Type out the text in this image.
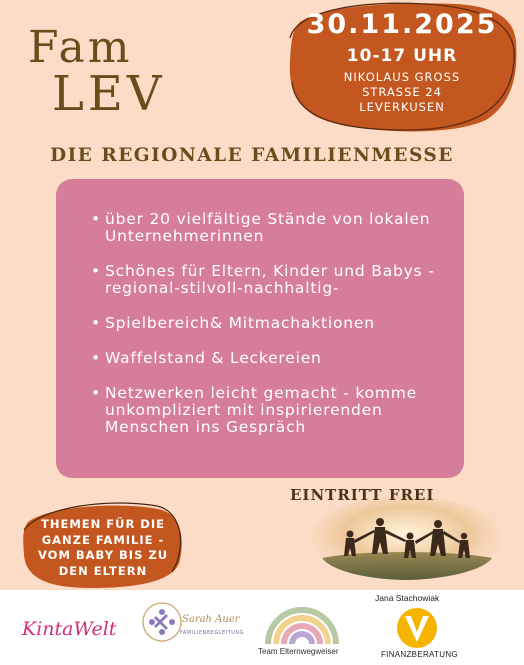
Fam
LEV
30.11.2025
10-17 UHR
NIKOLAUS GROSS
STRASSE 24
LEVERKUSEN
DIE REGIONALE FAMILIENMESSE
• über 20 vielfältige Stände von lokalen Unternehmerinnen
• Schönes für Eltern, Kinder und Babys -regional-stilvoll-nachhaltig-
• Spielbereich& Mitmachaktionen
• Waffelstand & Leckereien
• Netzwerken leicht gemacht - komme unkompliziert mit inspirierenden Menschen ins Gespräch
THEMEN FÜR DIE
GANZE FAMILIE -
VOM BABY BIS ZU
DEN ELTERN
EINTRITT FREI
KintaWelt	Sarah Auer
FAMILIENBEGLEITUNG
Team Elternwegweiser
Jana Stachowiak
FINANZBERATUNG
